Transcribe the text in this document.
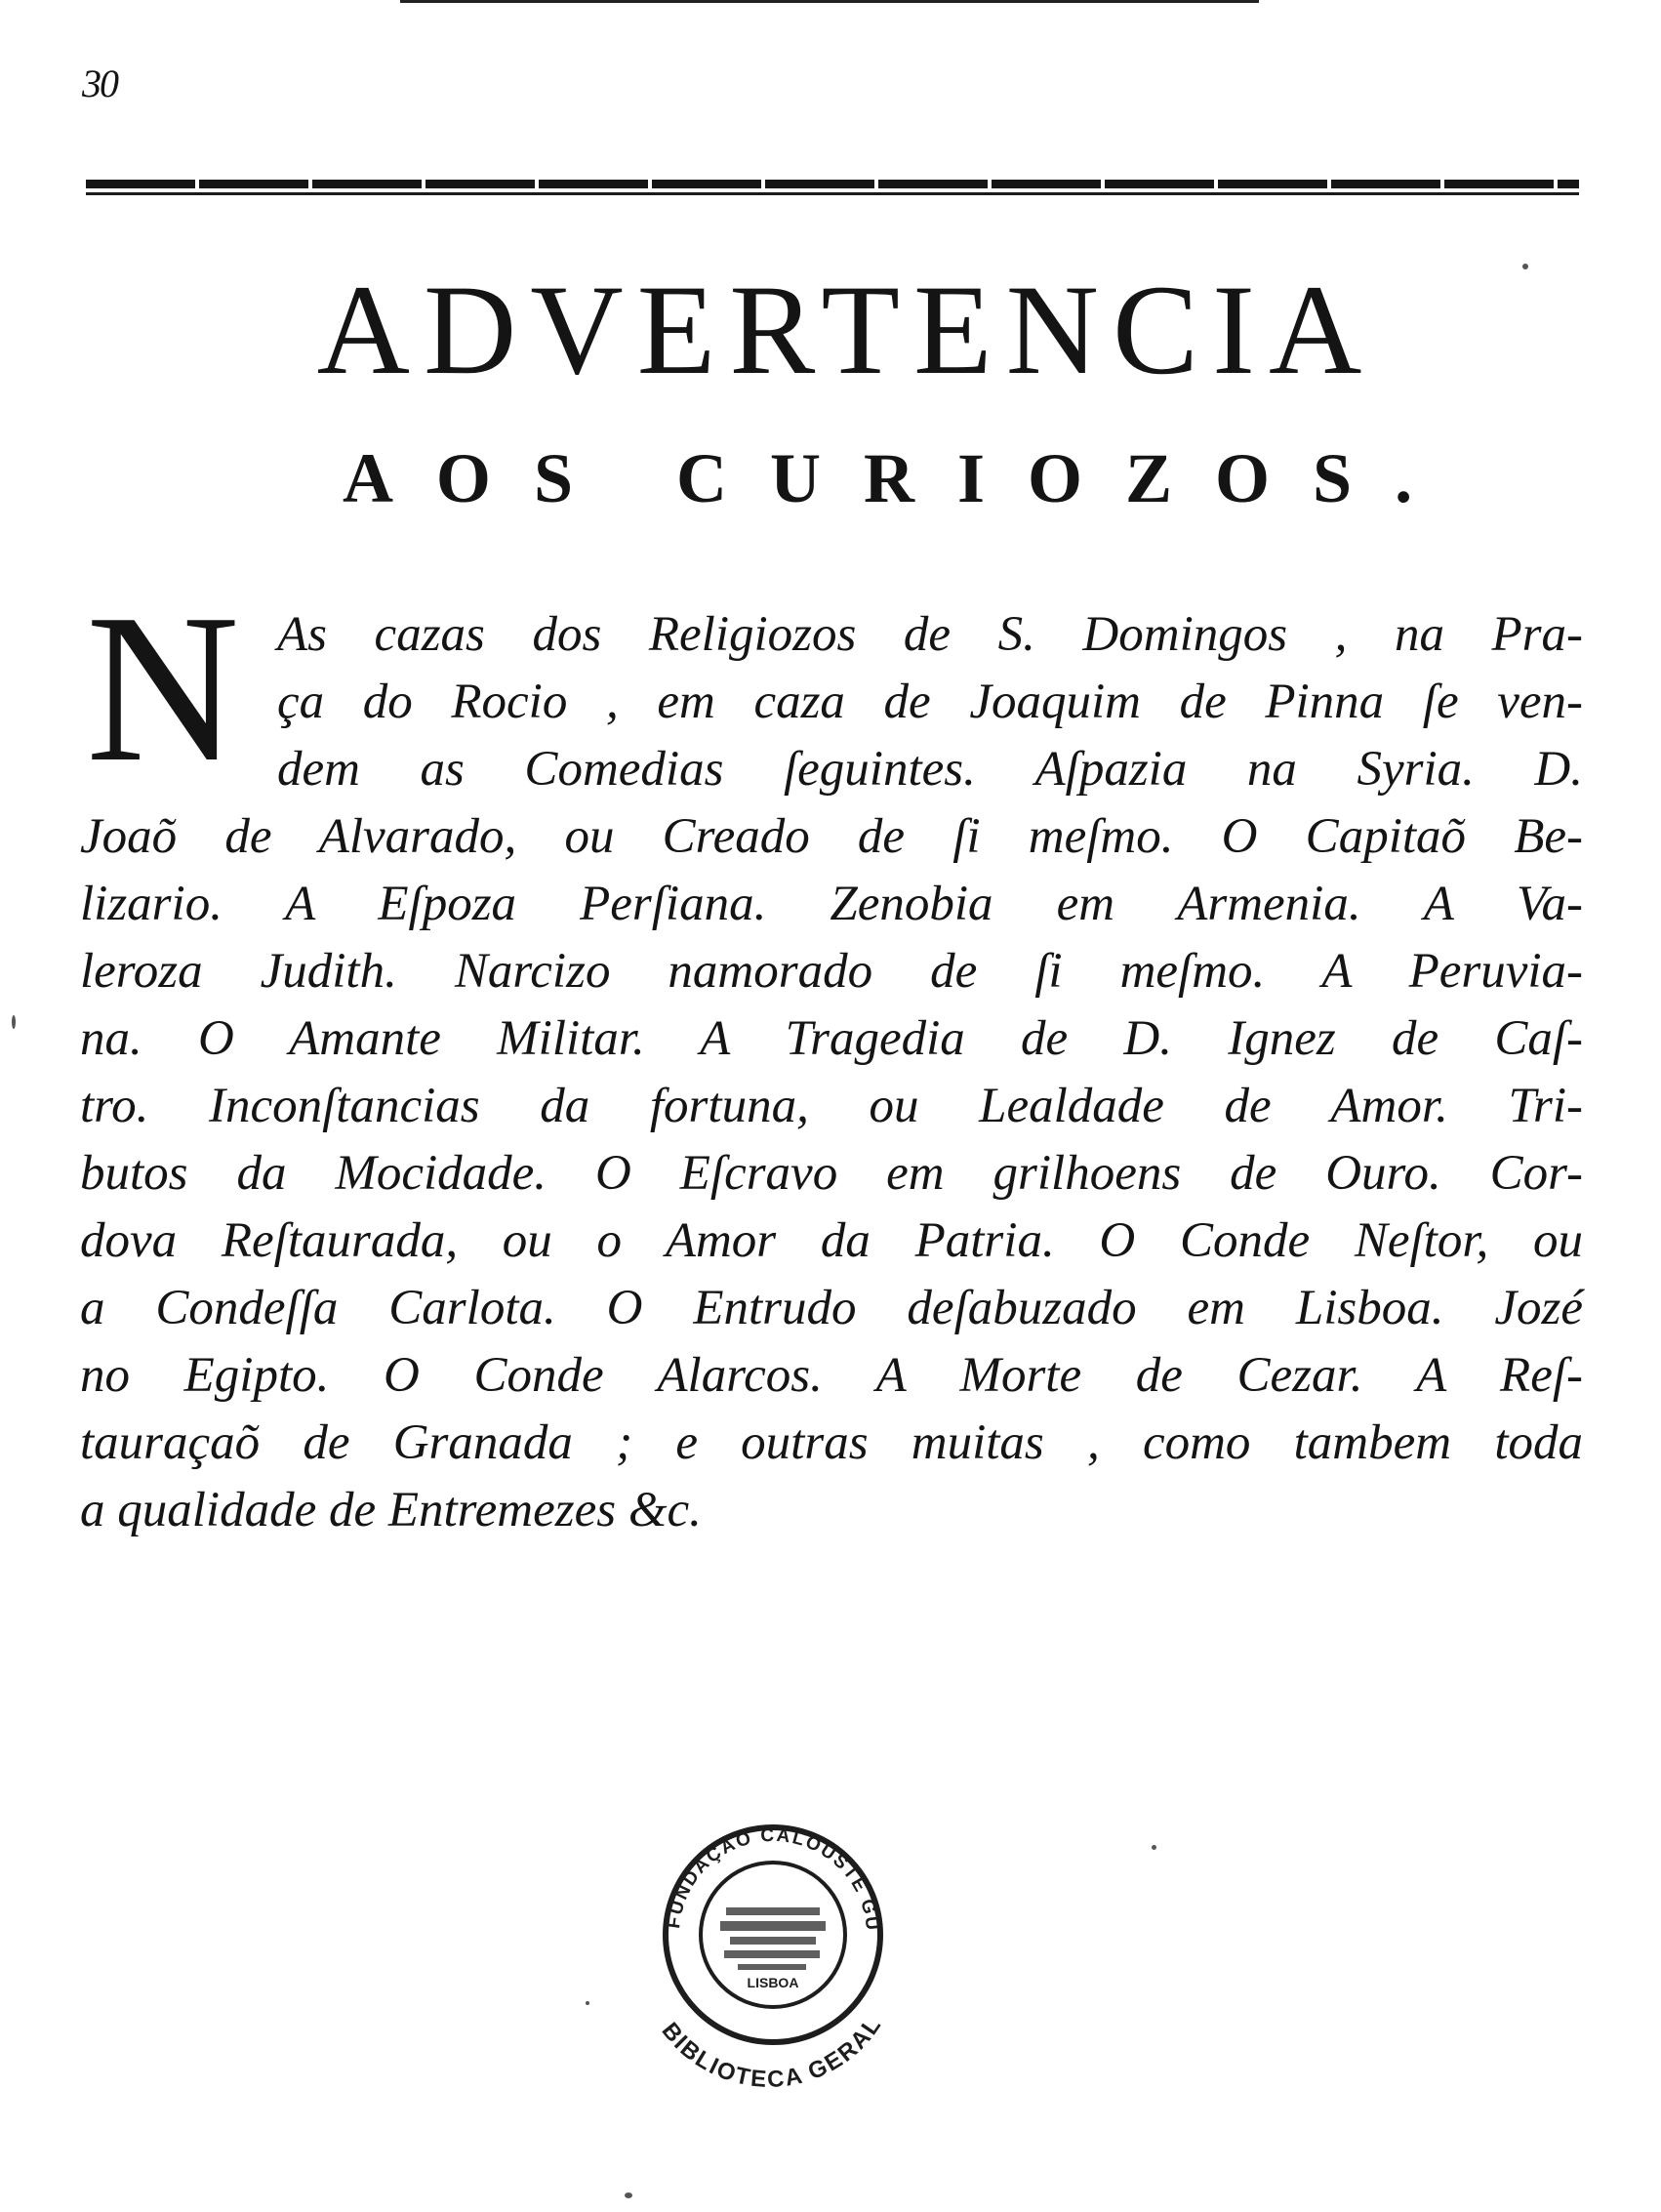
30
ADVERTENCIA
AOS CURIOZOS.
N As cazas dos Religiozos de S. Domingos , na Pra-
ça do Rocio , em caza de Joaquim de Pinna ſe ven-
dem as Comedias ſeguintes. Aſpazia na Syria. D.
Joaõ de Alvarado, ou Creado de ſi meſmo. O Capitaõ Be-
lizario. A Eſpoza Perſiana. Zenobia em Armenia. A Va-
leroza Judith. Narcizo namorado de ſi meſmo. A Peruvia-
na. O Amante Militar. A Tragedia de D. Ignez de Caſ-
tro. Inconſtancias da fortuna, ou Lealdade de Amor. Tri-
butos da Mocidade. O Eſcravo em grilhoens de Ouro. Cor-
dova Reſtaurada, ou o Amor da Patria. O Conde Neſtor, ou
a Condeſſa Carlota. O Entrudo deſabuzado em Lisboa. Jozé
no Egipto. O Conde Alarcos. A Morte de Cezar. A Reſ-
tauraçaõ de Granada ; e outras muitas , como tambem toda
a qualidade de Entremezes &c.
FUNDAÇÃO CALOUSTE GU
LISBOA
BIBLIOTECA GERAL
